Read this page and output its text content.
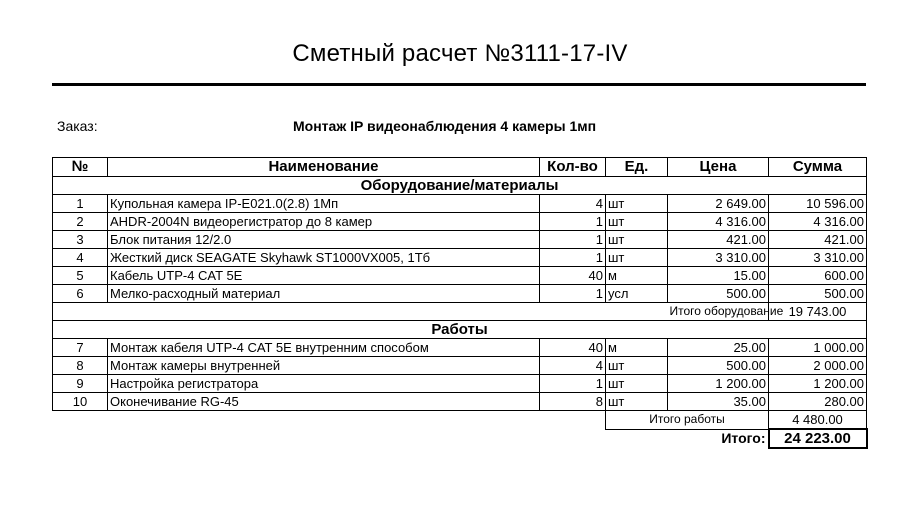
Сметный расчет №3111-17-IV
Заказ:	Монтаж IP видеонаблюдения 4 камеры 1мп
№	Наименование	Кол-во	Ед.	Цена	Сумма
Оборудование/материалы					
1	Купольная камера IP-E021.0(2.8) 1Мп	4	шт	2 649.00	10 596.00
2	AHDR-2004N видеорегистратор до 8 камер	1	шт	4 316.00	4 316.00
3	Блок питания 12/2.0	1	шт	421.00	421.00
4	Жесткий диск SEAGATE Skyhawk ST1000VX005, 1Тб	1	шт	3 310.00	3 310.00
5	Кабель UTP-4 CAT 5E	40	м	15.00	600.00
6	Мелко-расходный материал	1	усл	500.00	500.00
				Итого оборудование	19 743.00
Работы					
7	Монтаж кабеля UTP-4 CAT 5E внутренним способом	40	м	25.00	1 000.00
8	Монтаж камеры внутренней	4	шт	500.00	2 000.00
9	Настройка регистратора	1	шт	1 200.00	1 200.00
10	Оконечивание RG-45	8	шт	35.00	280.00
			Итого работы		4 480.00
Итого:					24 223.00
